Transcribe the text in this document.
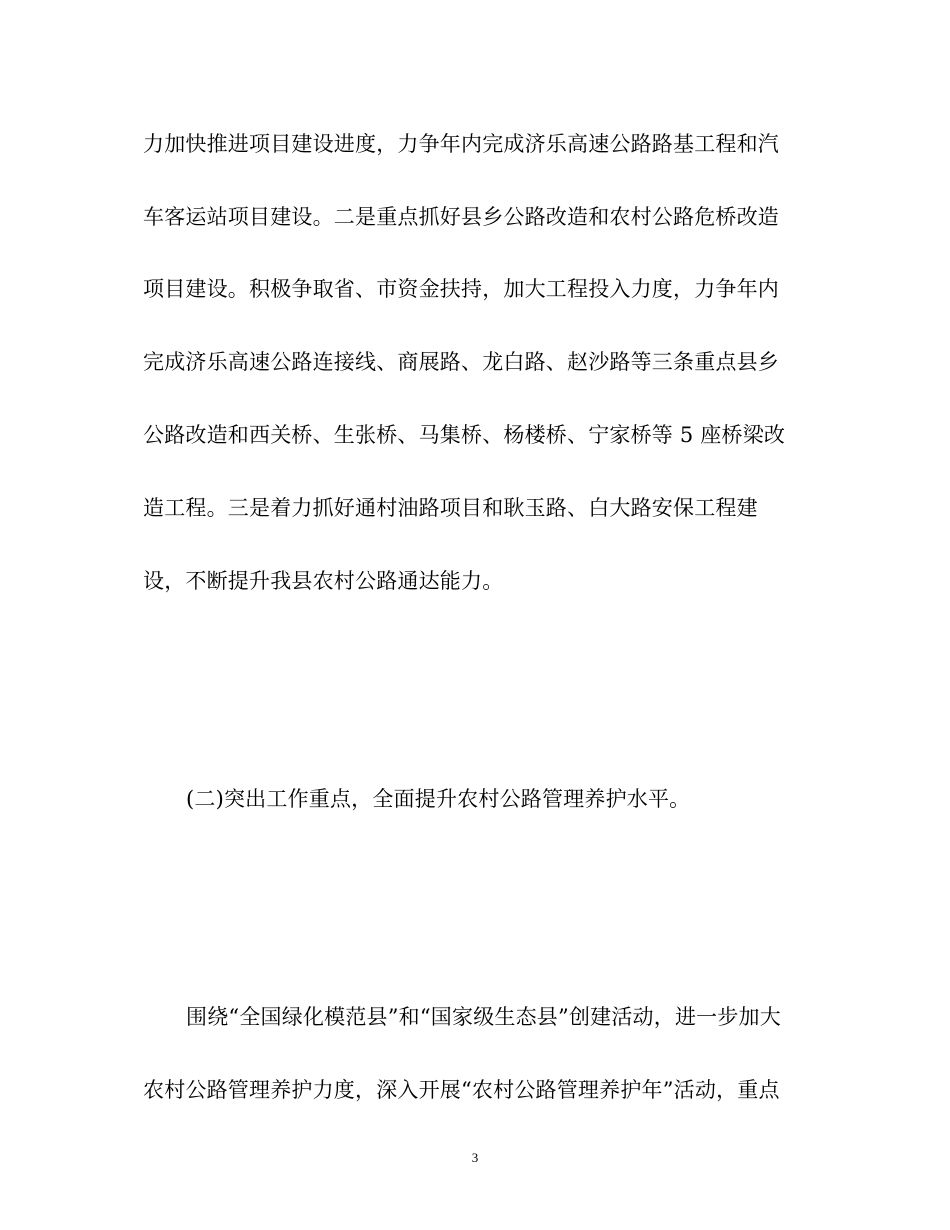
力加快推进项目建设进度，力争年内完成济乐高速公路路基工程和汽
车客运站项目建设。二是重点抓好县乡公路改造和农村公路危桥改造
项目建设。积极争取省、市资金扶持，加大工程投入力度，力争年内
完成济乐高速公路连接线、商展路、龙白路、赵沙路等三条重点县乡
公路改造和西关桥、生张桥、马集桥、杨楼桥、宁家桥等 5 座桥梁改
造工程。三是着力抓好通村油路项目和耿玉路、白大路安保工程建
设，不断提升我县农村公路通达能力。
(二)突出工作重点，全面提升农村公路管理养护水平。
围绕“全国绿化模范县”和“国家级生态县”创建活动，进一步加大
农村公路管理养护力度，深入开展“农村公路管理养护年”活动，重点
3
